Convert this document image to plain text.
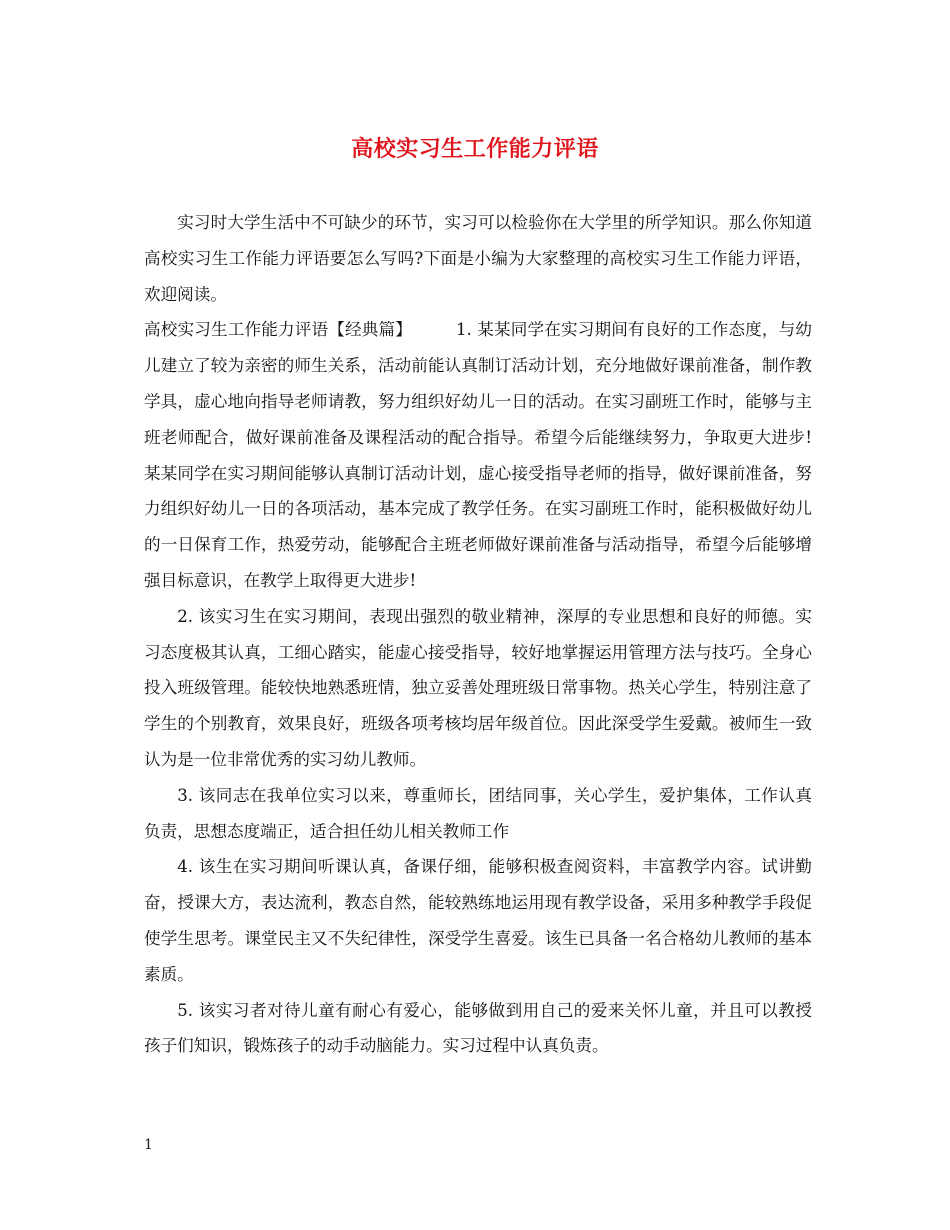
高校实习生工作能力评语

实习时大学生活中不可缺少的环节，实习可以检验你在大学里的所学知识。那么你知道高校实习生工作能力评语要怎么写吗?下面是小编为大家整理的高校实习生工作能力评语，欢迎阅读。

高校实习生工作能力评语【经典篇】	1. 某某同学在实习期间有良好的工作态度，与幼儿建立了较为亲密的师生关系，活动前能认真制订活动计划，充分地做好课前准备，制作教学具，虚心地向指导老师请教，努力组织好幼儿一日的活动。在实习副班工作时，能够与主班老师配合，做好课前准备及课程活动的配合指导。希望今后能继续努力，争取更大进步! 某某同学在实习期间能够认真制订活动计划，虚心接受指导老师的指导，做好课前准备，努力组织好幼儿一日的各项活动，基本完成了教学任务。在实习副班工作时，能积极做好幼儿的一日保育工作，热爱劳动，能够配合主班老师做好课前准备与活动指导，希望今后能够增强目标意识，在教学上取得更大进步!

2. 该实习生在实习期间，表现出强烈的敬业精神，深厚的专业思想和良好的师德。实习态度极其认真，工细心踏实，能虚心接受指导，较好地掌握运用管理方法与技巧。全身心投入班级管理。能较快地熟悉班情，独立妥善处理班级日常事物。热关心学生，特别注意了学生的个别教育，效果良好，班级各项考核均居年级首位。因此深受学生爱戴。被师生一致认为是一位非常优秀的实习幼儿教师。

3. 该同志在我单位实习以来，尊重师长，团结同事，关心学生，爱护集体，工作认真负责，思想态度端正，适合担任幼儿相关教师工作

4. 该生在实习期间听课认真，备课仔细，能够积极查阅资料，丰富教学内容。试讲勤奋，授课大方，表达流利，教态自然，能较熟练地运用现有教学设备，采用多种教学手段促使学生思考。课堂民主又不失纪律性，深受学生喜爱。该生已具备一名合格幼儿教师的基本素质。

5. 该实习者对待儿童有耐心有爱心，能够做到用自己的爱来关怀儿童，并且可以教授孩子们知识，锻炼孩子的动手动脑能力。实习过程中认真负责。

1
